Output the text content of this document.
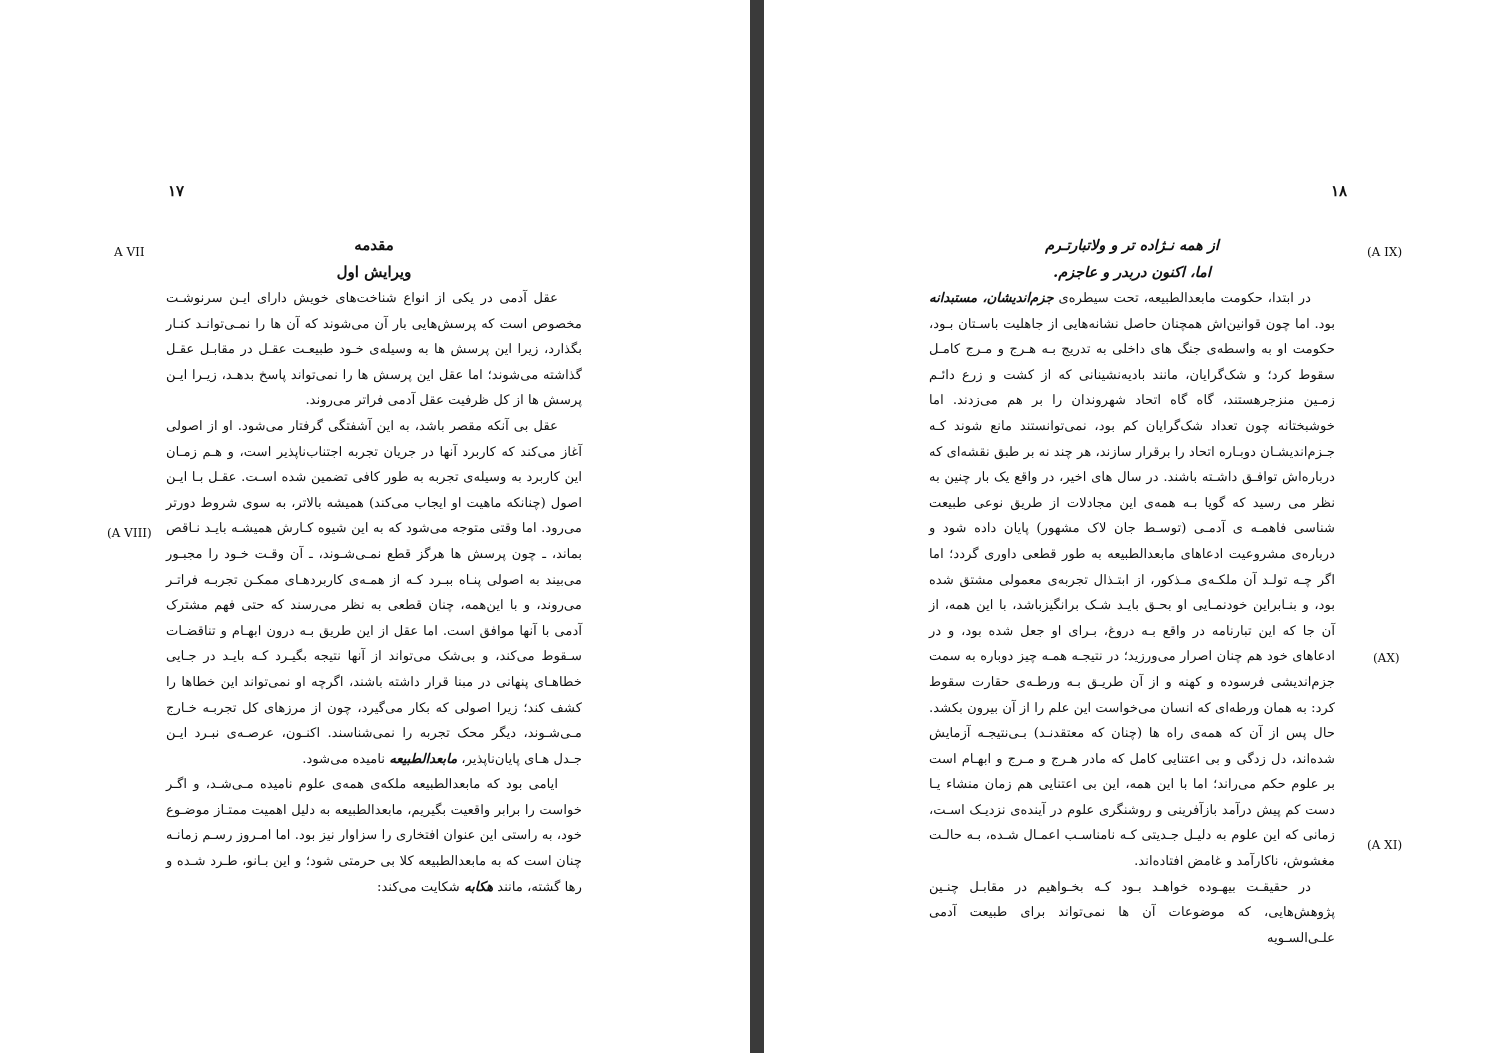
۱۷
A VII
(A VIII)
مقدمه
ویرایش اول

عقل آدمی در یکی از انواع شناخت‌های خویش دارای ایـن سرنوشـت مخصوص است که پرسش‌هایی بار آن می‌شوند که آن ها را نمـی‌توانـد کنـار بگذارد، زیرا این پرسش ها به وسیله‌ی خـود طبیعـت عقـل در مقابـل عقـل گذاشته می‌شوند؛ اما عقل این پرسش ها را نمی‌تواند پاسخ بدهـد، زیـرا ایـن پرسش ها از کل ظرفیت عقل آدمی فراتر می‌روند.

عقل بی آنکه مقصر باشد، به این آشفتگی گرفتار می‌شود. او از اصولی آغاز می‌کند که کاربرد آنها در جریان تجربه اجتناب‌ناپذیر است، و هـم زمـان این کاربرد به وسیله‌ی تجربه به طور کافی تضمین شده اسـت. عقـل بـا ایـن اصول (چنانکه ماهیت او ایجاب می‌کند) همیشه بالاتر، به سوی شروط دورتر می‌رود. اما وقتی متوجه می‌شود که به این شیوه کـارش همیشـه بایـد نـاقص بماند، ـ چون پرسش ها هرگز قطع نمـی‌شـوند، ـ آن وقـت خـود را مجبـور می‌بیند به اصولی پنـاه ببـرد کـه از همـه‌ی کاربردهـای ممکـن تجربـه فراتـر می‌روند، و با این‌همه، چنان قطعی به نظر می‌رسند که حتی فهم مشترک آدمی با آنها موافق است. اما عقل از این طریق بـه درون ابهـام و تناقضـات سـقوط می‌کند، و بی‌شک می‌تواند از آنها نتیجه بگیـرد کـه بایـد در جـایی خطاهـای پنهانی در مبنا قرار داشته باشند، اگرچه او نمی‌تواند این خطاها را کشف کند؛ زیرا اصولی که بکار می‌گیرد، چون از مرزهای کل تجربـه خـارج مـی‌شـوند، دیگر محک تجربه را نمی‌شناسند. اکنـون، عرصـه‌ی نبـرد ایـن جـدل هـای پایان‌ناپذیر، مابعدالطبیعه نامیده می‌شود.

ایامی بود که مابعدالطبیعه ملکه‌ی همه‌ی علوم نامیده مـی‌شـد، و اگـر خواست را برابر واقعیت بگیریم، مابعدالطبیعه به دلیل اهمیت ممتـاز موضـوع خود، به راستی این عنوان افتخاری را سزاوار نیز بود. اما امـروز رسـم زمانـه چنان است که به مابعدالطبیعه کلا بی حرمتی شود؛ و این بـانو، طـرد شـده و رها گشته، مانند هکابه شکایت می‌کند:

۱۸
(A IX)
(AX)
(A XI)
از همه نـژاده تر و ولاتبارتـرم
اما، اکنون دربدر و عاجزم.

در ابتدا، حکومت مابعدالطبیعه، تحت سیطره‌ی جزم‌اندیشان، مستبدانه بود. اما چون قوانین‌اش همچنان حاصل نشانه‌هایی از جاهلیت باسـتان بـود، حکومت او به واسطه‌ی جنگ های داخلی به تدریج بـه هـرج و مـرج کامـل سقوط کرد؛ و شک‌گرایان، مانند بادیه‌نشینانی که از کشت و زرع دائـم زمـین منزجرهستند، گاه گاه اتحاد شهروندان را بر هم می‌زدند. اما خوشبختانه چون تعداد شک‌گرایان کم بود، نمی‌توانستند مانع شوند کـه جـزم‌اندیشـان دوبـاره اتحاد را برقرار سازند، هر چند نه بر طبق نقشه‌ای که درباره‌اش توافـق داشـته باشند. در سال های اخیر، در واقع یک بار چنین به نظر می رسید که گویا بـه همه‌ی این مجادلات از طریق نوعی طبیعت شناسی فاهمـه ی آدمـی (توسـط جان لاک مشهور) پایان داده شود و درباره‌ی مشروعیت ادعاهای مابعدالطبیعه به طور قطعی داوری گردد؛ اما اگر چـه تولـد آن ملکـه‌ی مـذکور، از ابتـذال تجربه‌ی معمولی مشتق شده بود، و بنـابراین خودنمـایی او بحـق بایـد شـک برانگیزباشد، با این همه، از آن جا که این تبارنامه در واقع بـه دروغ، بـرای او جعل شده بود، و در ادعاهای خود هم چنان اصرار می‌ورزید؛ در نتیجـه همـه چیز دوباره به سمت جزم‌اندیشی فرسوده و کهنه و از آن طریـق بـه ورطـه‌ی حقارت سقوط کرد: به همان ورطه‌ای که انسان می‌خواست این علم را از آن بیرون بکشد. حال پس از آن که همه‌ی راه ها (چنان که معتقدنـد) بـی‌نتیجـه آزمایش شده‌اند، دل زدگی و بی اعتنایی کامل که مادر هـرج و مـرج و ابهـام است بر علوم حکم می‌راند؛ اما با این همه، این بی اعتنایی هم زمان منشاء یـا دست کم پیش درآمد بازآفرینی و روشنگری علوم در آینده‌ی نزدیـک اسـت، زمانی که این علوم به دلیـل جـدیتی کـه نامناسـب اعمـال شـده، بـه حالـت مغشوش، ناکارآمد و غامض افتاده‌اند.

در حقیقـت بیهـوده خواهـد بـود کـه بخـواهیم در مقابـل چنـین پژوهش‌هایی، که موضوعات آن ها نمی‌تواند برای طبیعت آدمی علـی‌السـویه
